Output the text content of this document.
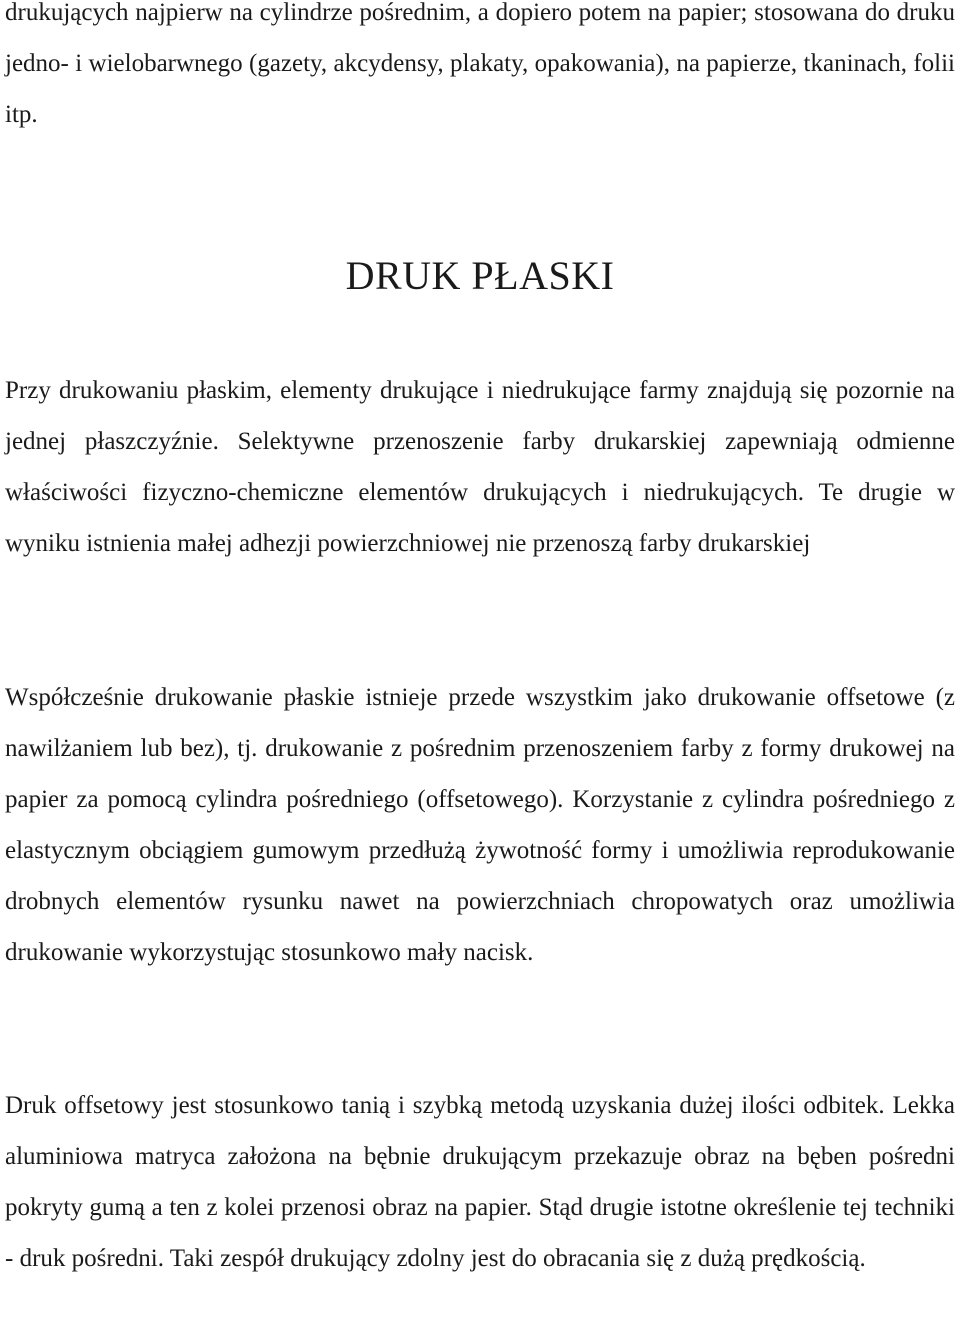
drukujących najpierw na cylindrze pośrednim, a dopiero potem na papier; stosowana do druku jedno- i wielobarwnego (gazety, akcydensy, plakaty, opakowania), na papierze, tkaninach, folii itp.

DRUK PŁASKI

Przy drukowaniu płaskim, elementy drukujące i niedrukujące farmy znajdują się pozornie na jednej płaszczyźnie. Selektywne przenoszenie farby drukarskiej zapewniają odmienne właściwości fizyczno-chemiczne elementów drukujących i niedrukujących. Te drugie w wyniku istnienia małej adhezji powierzchniowej nie przenoszą farby drukarskiej

Współcześnie drukowanie płaskie istnieje przede wszystkim jako drukowanie offsetowe (z nawilżaniem lub bez), tj. drukowanie z pośrednim przenoszeniem farby z formy drukowej na papier za pomocą cylindra pośredniego (offsetowego). Korzystanie z cylindra pośredniego z elastycznym obciągiem gumowym przedłużą żywotność formy i umożliwia reprodukowanie drobnych elementów rysunku nawet na powierzchniach chropowatych oraz umożliwia drukowanie wykorzystując stosunkowo mały nacisk.

Druk offsetowy jest stosunkowo tanią i szybką metodą uzyskania dużej ilości odbitek. Lekka aluminiowa matryca założona na bębnie drukującym przekazuje obraz na bęben pośredni pokryty gumą a ten z kolei przenosi obraz na papier. Stąd drugie istotne określenie tej techniki - druk pośredni. Taki zespół drukujący zdolny jest do obracania się z dużą prędkością.
